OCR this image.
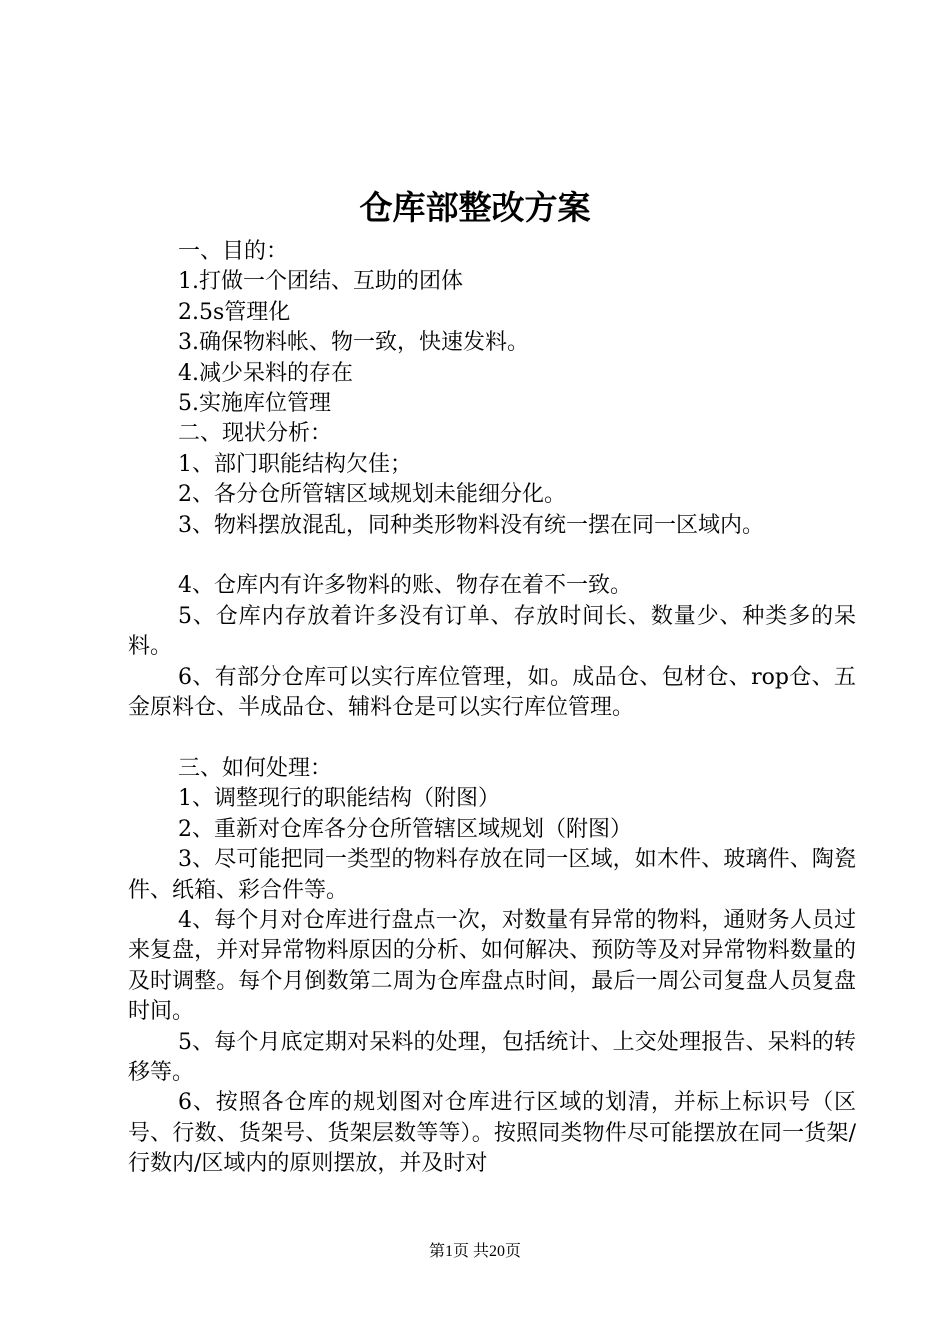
仓库部整改方案

一、目的：

1.打做一个团结、互助的团体

2.5s管理化

3.确保物料帐、物一致，快速发料。

4.减少呆料的存在

5.实施库位管理

二、现状分析：

1、部门职能结构欠佳；

2、各分仓所管辖区域规划未能细分化。

3、物料摆放混乱，同种类形物料没有统一摆在同一区域内。

4、仓库内有许多物料的账、物存在着不一致。

5、仓库内存放着许多没有订单、存放时间长、数量少、种类多的呆料。

6、有部分仓库可以实行库位管理，如。成品仓、包材仓、rop仓、五金原料仓、半成品仓、辅料仓是可以实行库位管理。

三、如何处理：

1、调整现行的职能结构（附图）

2、重新对仓库各分仓所管辖区域规划（附图）

3、尽可能把同一类型的物料存放在同一区域，如木件、玻璃件、陶瓷件、纸箱、彩合件等。

4、每个月对仓库进行盘点一次，对数量有异常的物料，通财务人员过来复盘，并对异常物料原因的分析、如何解决、预防等及对异常物料数量的及时调整。每个月倒数第二周为仓库盘点时间，最后一周公司复盘人员复盘时间。

5、每个月底定期对呆料的处理，包括统计、上交处理报告、呆料的转移等。

6、按照各仓库的规划图对仓库进行区域的划清，并标上标识号（区号、行数、货架号、货架层数等等）。按照同类物件尽可能摆放在同一货架/行数内/区域内的原则摆放，并及时对

第1页 共20页
